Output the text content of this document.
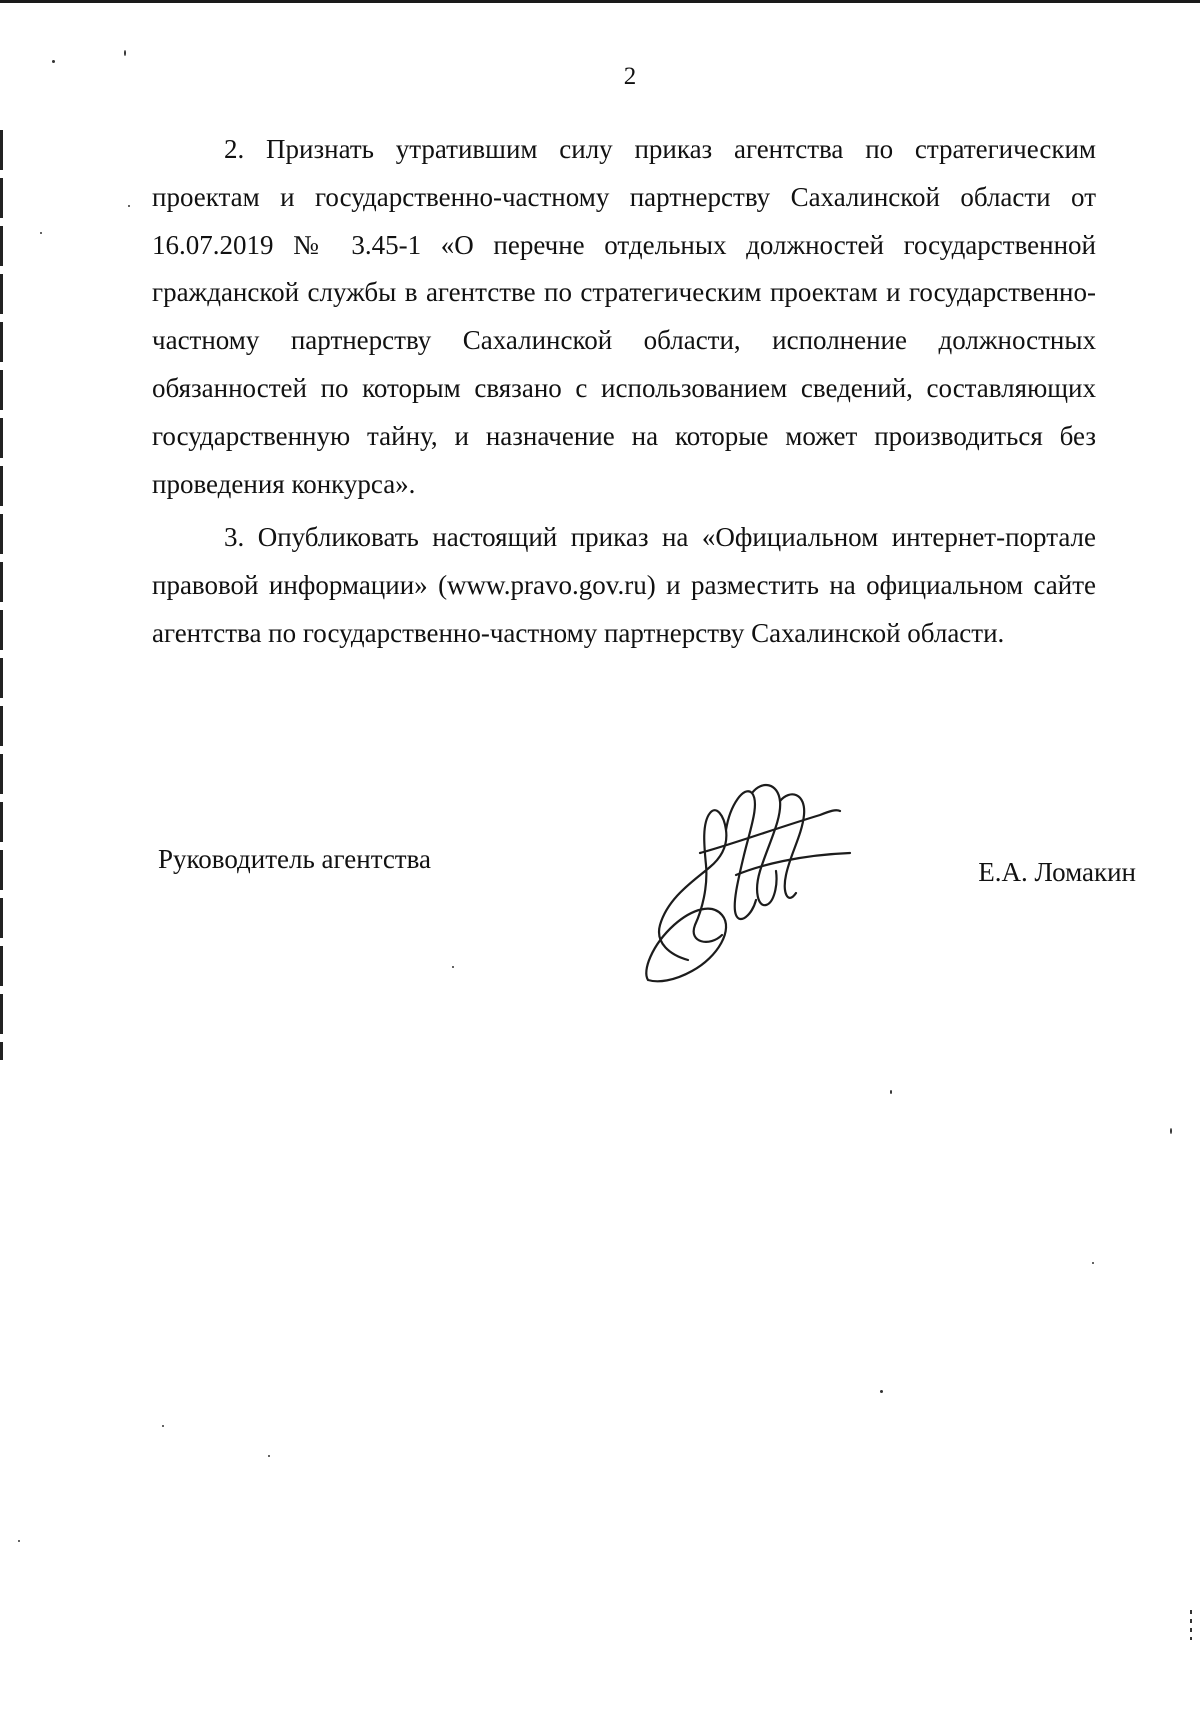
2

2. Признать утратившим силу приказ агентства по стратегическим проектам и государственно-частному партнерству Сахалинской области от 16.07.2019 № 3.45-1 «О перечне отдельных должностей государственной гражданской службы в агентстве по стратегическим проектам и государственно-частному партнерству Сахалинской области, исполнение должностных обязанностей по которым связано с использованием сведений, составляющих государственную тайну, и назначение на которые может производиться без проведения конкурса».

3. Опубликовать настоящий приказ на «Официальном интернет-портале правовой информации» (www.pravo.gov.ru) и разместить на официальном сайте агентства по государственно-частному партнерству Сахалинской области.

Руководитель агентства	Е.А. Ломакин
